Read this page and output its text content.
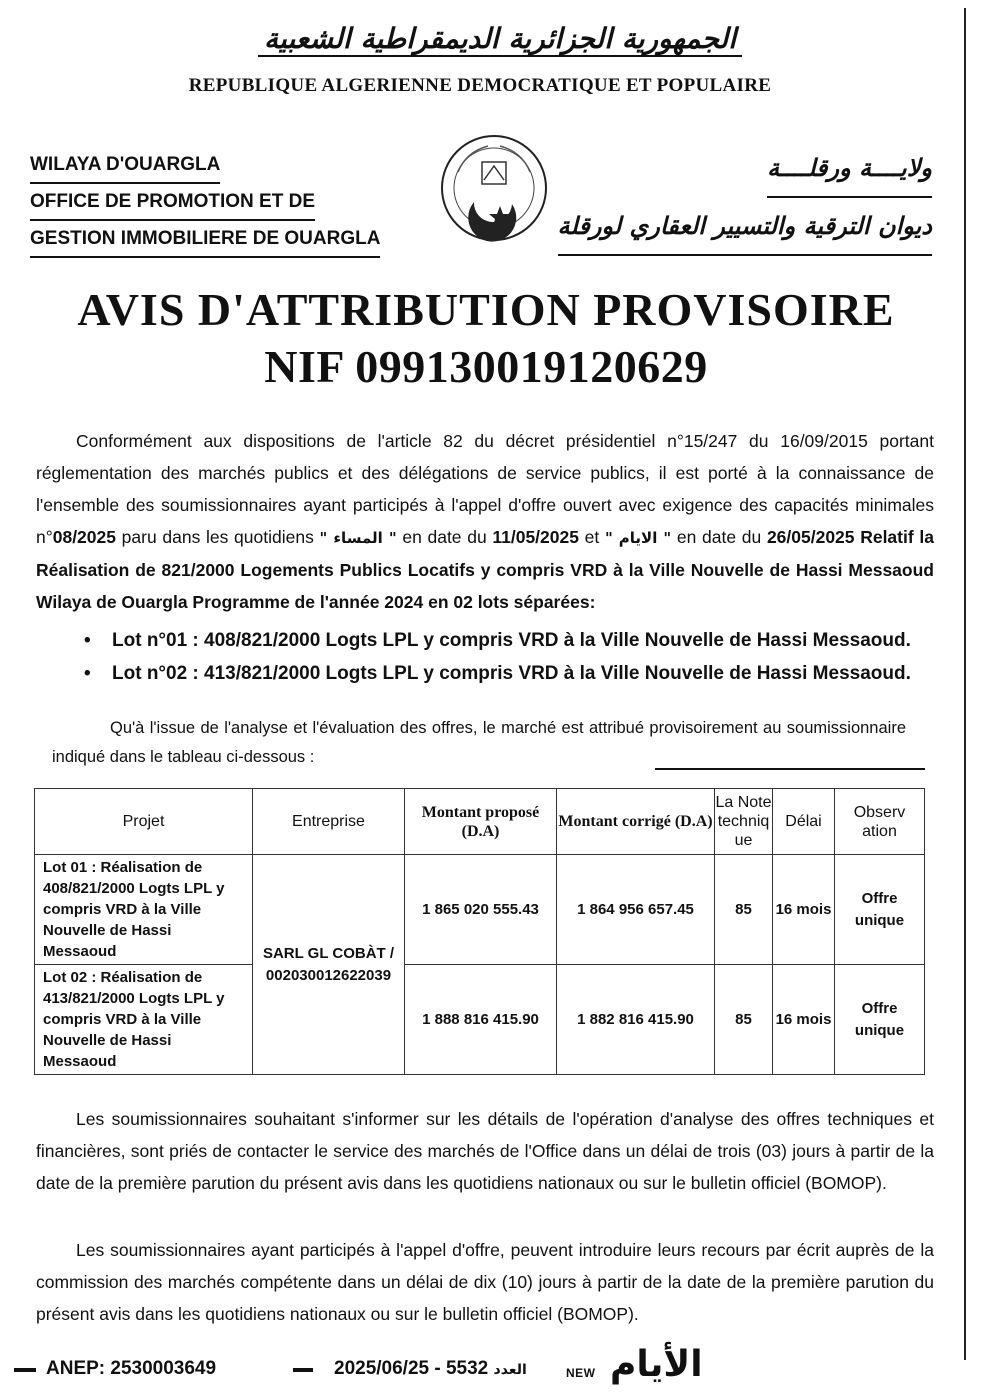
الجمهورية الجزائرية الديمقراطية الشعبية
REPUBLIQUE ALGERIENNE DEMOCRATIQUE ET POPULAIRE
WILAYA D'OUARGLA
OFFICE DE PROMOTION ET DE
GESTION IMMOBILIERE DE OUARGLA
ولايــــة ورقلــــة
ديوان الترقية والتسيير العقاري لورقلة
AVIS D'ATTRIBUTION PROVISOIRE
NIF 099130019120629
Conformément aux dispositions de l'article 82 du décret présidentiel n°15/247 du 16/09/2015 portant réglementation des marchés publics et des délégations de service publics, il est porté à la connaissance de l'ensemble des soumissionnaires ayant participés à l'appel d'offre ouvert avec exigence des capacités minimales n°08/2025 paru dans les quotidiens " المساء " en date du 11/05/2025 et " الايام " en date du 26/05/2025 Relatif la Réalisation de 821/2000 Logements Publics Locatifs y compris VRD à la Ville Nouvelle de Hassi Messaoud Wilaya de Ouargla Programme de l'année 2024 en 02 lots séparées:
• Lot n°01 : 408/821/2000 Logts LPL y compris VRD à la Ville Nouvelle de Hassi Messaoud.
• Lot n°02 : 413/821/2000 Logts LPL y compris VRD à la Ville Nouvelle de Hassi Messaoud.
Qu'à l'issue de l'analyse et l'évaluation des offres, le marché est attribué provisoirement au soumissionnaire indiqué dans le tableau ci-dessous :
Projet	Entreprise	Montant proposé (D.A)	Montant corrigé (D.A)	La Note techniq ue	Délai	Observ ation
Lot 01 : Réalisation de 408/821/2000 Logts LPL y compris VRD à la Ville Nouvelle de Hassi Messaoud	SARL GL COBÀT / 002030012622039	1 865 020 555.43	1 864 956 657.45	85	16 mois	Offre unique
Lot 02 : Réalisation de 413/821/2000 Logts LPL y compris VRD à la Ville Nouvelle de Hassi Messaoud		1 888 816 415.90	1 882 816 415.90	85	16 mois	Offre unique
Les soumissionnaires souhaitant s'informer sur les détails de l'opération d'analyse des offres techniques et financières, sont priés de contacter le service des marchés de l'Office dans un délai de trois (03) jours à partir de la date de la première parution du présent avis dans les quotidiens nationaux ou sur le bulletin officiel (BOMOP).
Les soumissionnaires ayant participés à l'appel d'offre, peuvent introduire leurs recours par écrit auprès de la commission des marchés compétente dans un délai de dix (10) jours à partir de la date de la première parution du présent avis dans les quotidiens nationaux ou sur le bulletin officiel (BOMOP).
ANEP: 2530003649	2025/06/25 - 5532 العدد	NEW الأيام
